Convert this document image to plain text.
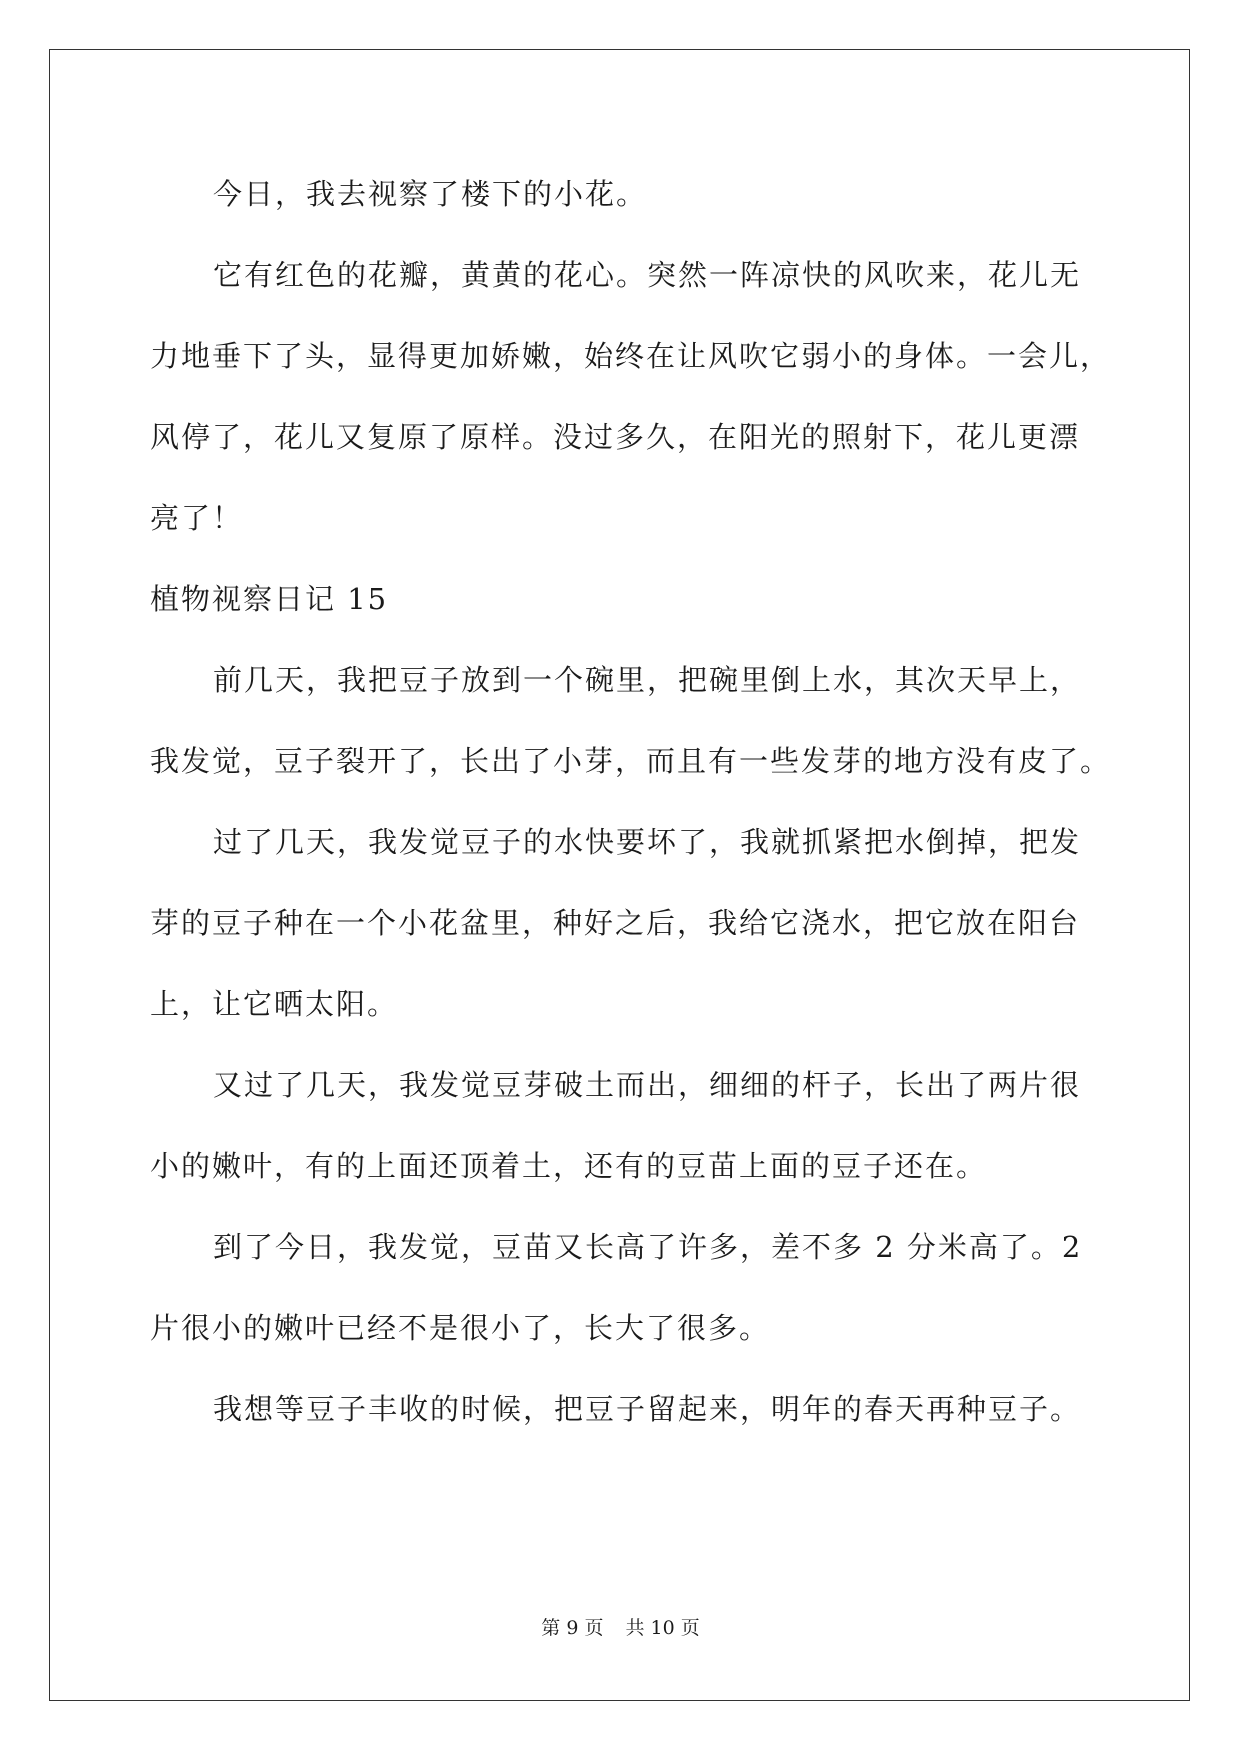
今日，我去视察了楼下的小花。
它有红色的花瓣，黄黄的花心。突然一阵凉快的风吹来，花儿无
力地垂下了头，显得更加娇嫩，始终在让风吹它弱小的身体。一会儿，
风停了，花儿又复原了原样。没过多久，在阳光的照射下，花儿更漂
亮了！
植物视察日记 15
前几天，我把豆子放到一个碗里，把碗里倒上水，其次天早上，
我发觉，豆子裂开了，长出了小芽，而且有一些发芽的地方没有皮了。
过了几天，我发觉豆子的水快要坏了，我就抓紧把水倒掉，把发
芽的豆子种在一个小花盆里，种好之后，我给它浇水，把它放在阳台
上，让它晒太阳。
又过了几天，我发觉豆芽破土而出，细细的杆子，长出了两片很
小的嫩叶，有的上面还顶着土，还有的豆苗上面的豆子还在。
到了今日，我发觉，豆苗又长高了许多，差不多 2 分米高了。2
片很小的嫩叶已经不是很小了，长大了很多。
我想等豆子丰收的时候，把豆子留起来，明年的春天再种豆子。
第 9 页 共 10 页
